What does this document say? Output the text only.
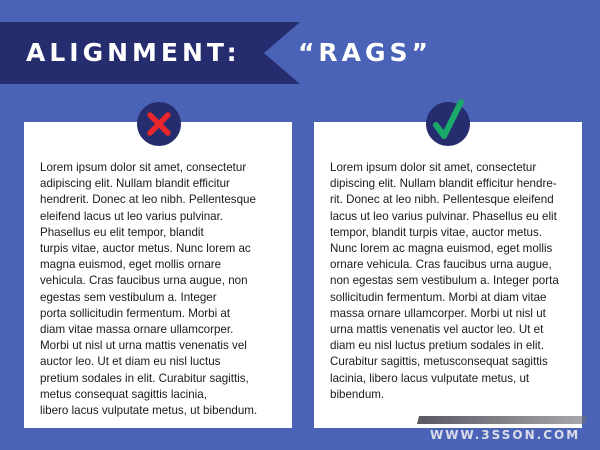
ALIGNMENT: “RAGS”

Lorem ipsum dolor sit amet, consectetur
adipiscing elit. Nullam blandit efficitur
hendrerit. Donec at leo nibh. Pellentesque
eleifend lacus ut leo varius pulvinar.
Phasellus eu elit tempor, blandit
turpis vitae, auctor metus. Nunc lorem ac
magna euismod, eget mollis ornare
vehicula. Cras faucibus urna augue, non
egestas sem vestibulum a. Integer
porta sollicitudin fermentum. Morbi at
diam vitae massa ornare ullamcorper.
Morbi ut nisl ut urna mattis venenatis vel
auctor leo. Ut et diam eu nisl luctus
pretium sodales in elit. Curabitur sagittis,
metus consequat sagittis lacinia,
libero lacus vulputate metus, ut bibendum.

Lorem ipsum dolor sit amet, consectetur
dipiscing elit. Nullam blandit efficitur hendre-
rit. Donec at leo nibh. Pellentesque eleifend
lacus ut leo varius pulvinar. Phasellus eu elit
tempor, blandit turpis vitae, auctor metus.
Nunc lorem ac magna euismod, eget mollis
ornare vehicula. Cras faucibus urna augue,
non egestas sem vestibulum a. Integer porta
sollicitudin fermentum. Morbi at diam vitae
massa ornare ullamcorper. Morbi ut nisl ut
urna mattis venenatis vel auctor leo. Ut et
diam eu nisl luctus pretium sodales in elit.
Curabitur sagittis, metusconsequat sagittis
lacinia, libero lacus vulputate metus, ut
bibendum.

WWW.3SSON.COM
